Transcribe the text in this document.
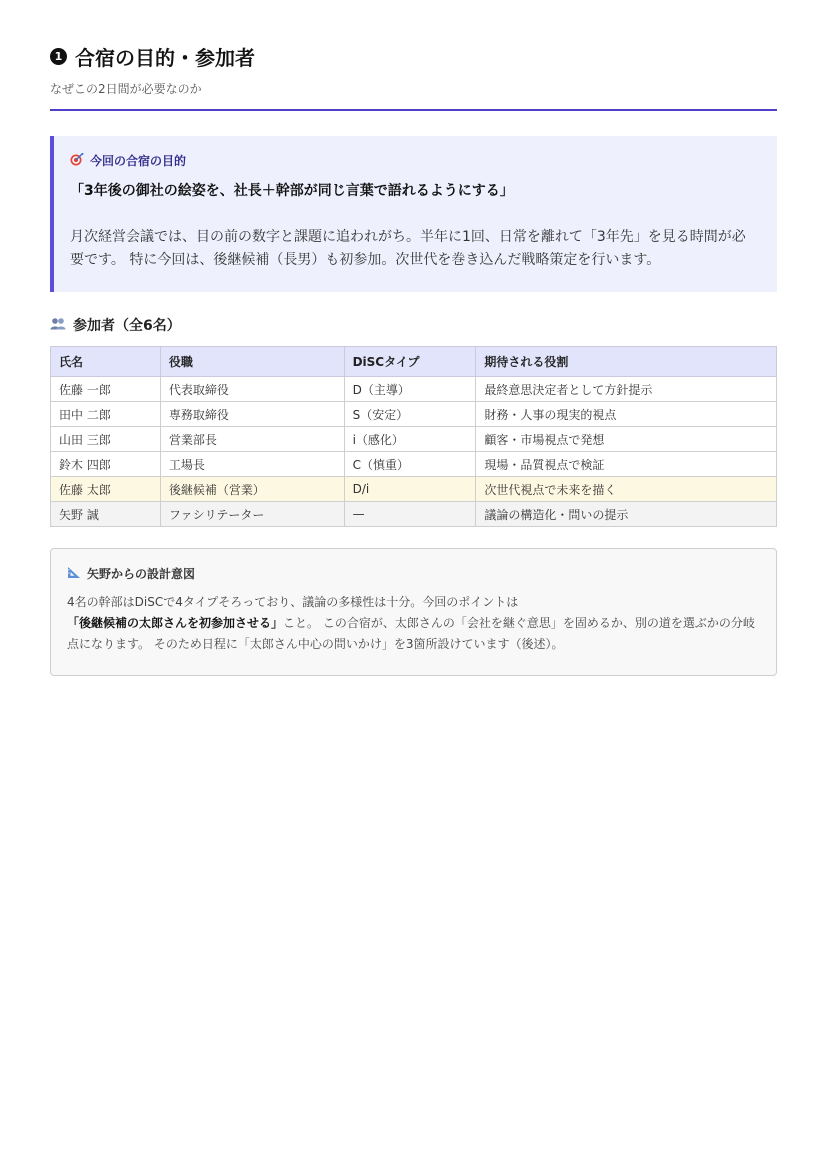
1 合宿の目的・参加者
なぜこの2日間が必要なのか
今回の合宿の目的
「3年後の御社の絵姿を、社長＋幹部が同じ言葉で語れるようにする」
月次経営会議では、目の前の数字と課題に追われがち。半年に1回、日常を離れて「3年先」を見る時間が必要です。 特に今回は、後継候補（長男）も初参加。次世代を巻き込んだ戦略策定を行います。
参加者（全6名）
氏名	役職	DiSCタイプ	期待される役割
佐藤 一郎	代表取締役	D（主導）	最終意思決定者として方針提示
田中 二郎	専務取締役	S（安定）	財務・人事の現実的視点
山田 三郎	営業部長	i（感化）	顧客・市場視点で発想
鈴木 四郎	工場長	C（慎重）	現場・品質視点で検証
佐藤 太郎	後継候補（営業）	D/i	次世代視点で未来を描く
矢野 誠	ファシリテーター	—	議論の構造化・問いの提示
矢野からの設計意図
4名の幹部はDiSCで4タイプそろっており、議論の多様性は十分。今回のポイントは
「後継候補の太郎さんを初参加させる」こと。 この合宿が、太郎さんの「会社を継ぐ意思」を固めるか、別の道を選ぶかの分岐点になります。 そのため日程に「太郎さん中心の問いかけ」を3箇所設けています（後述）。
